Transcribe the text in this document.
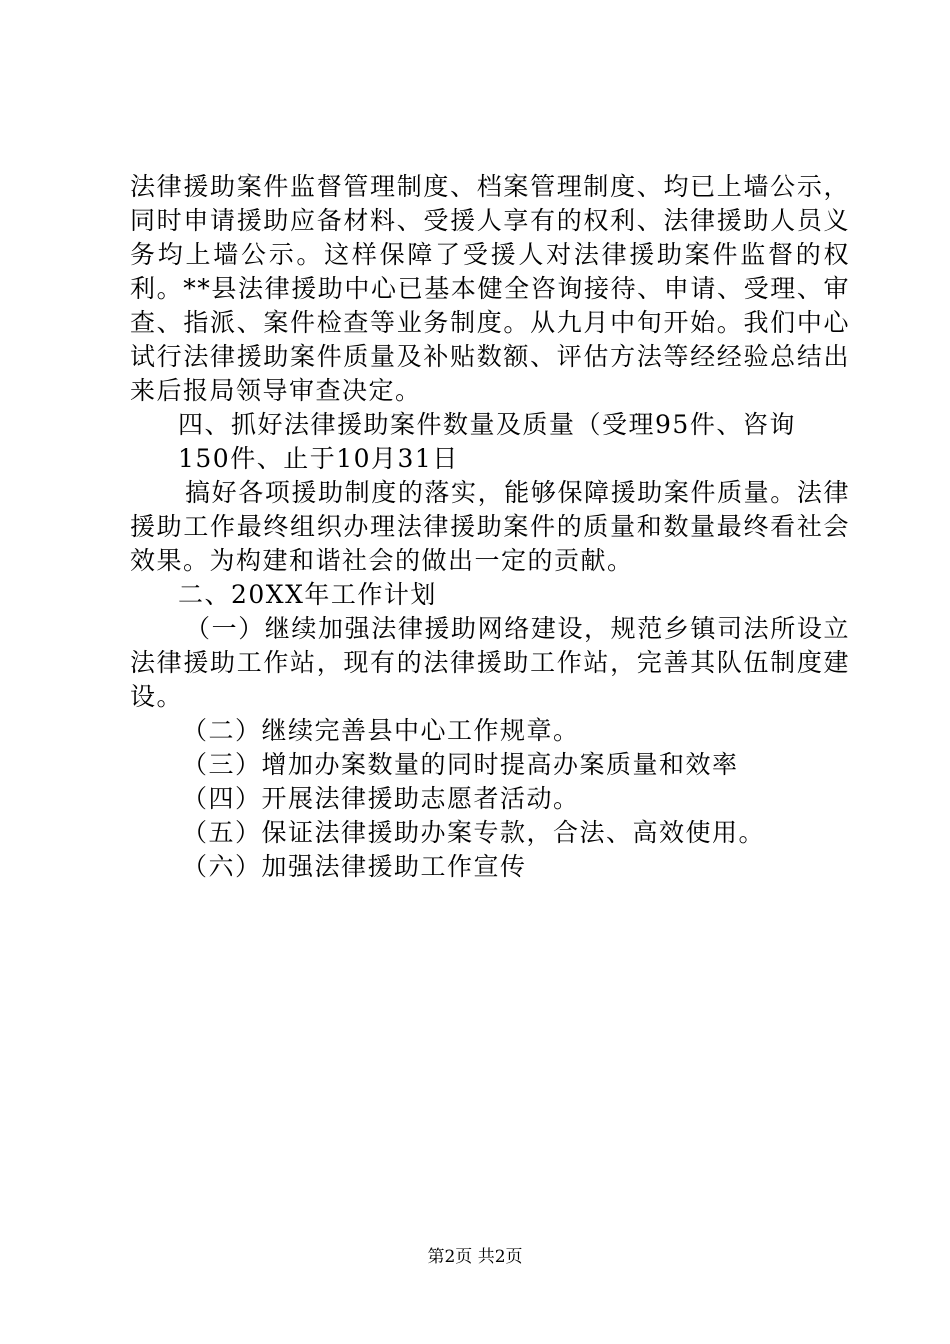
法律援助案件监督管理制度、档案管理制度、均已上墙公示，同时申请援助应备材料、受援人享有的权利、法律援助人员义务均上墙公示。这样保障了受援人对法律援助案件监督的权利。**县法律援助中心已基本健全咨询接待、申请、受理、审查、指派、案件检查等业务制度。从九月中旬开始。我们中心试行法律援助案件质量及补贴数额、评估方法等经经验总结出来后报局领导审查决定。

四、抓好法律援助案件数量及质量（受理95件、咨询

150件、止于10月31日

搞好各项援助制度的落实，能够保障援助案件质量。法律援助工作最终组织办理法律援助案件的质量和数量最终看社会效果。为构建和谐社会的做出一定的贡献。

二、20XX年工作计划

（一）继续加强法律援助网络建设，规范乡镇司法所设立法律援助工作站，现有的法律援助工作站，完善其队伍制度建设。

（二）继续完善县中心工作规章。

（三）增加办案数量的同时提高办案质量和效率

（四）开展法律援助志愿者活动。

（五）保证法律援助办案专款，合法、高效使用。

（六）加强法律援助工作宣传

第2页 共2页
